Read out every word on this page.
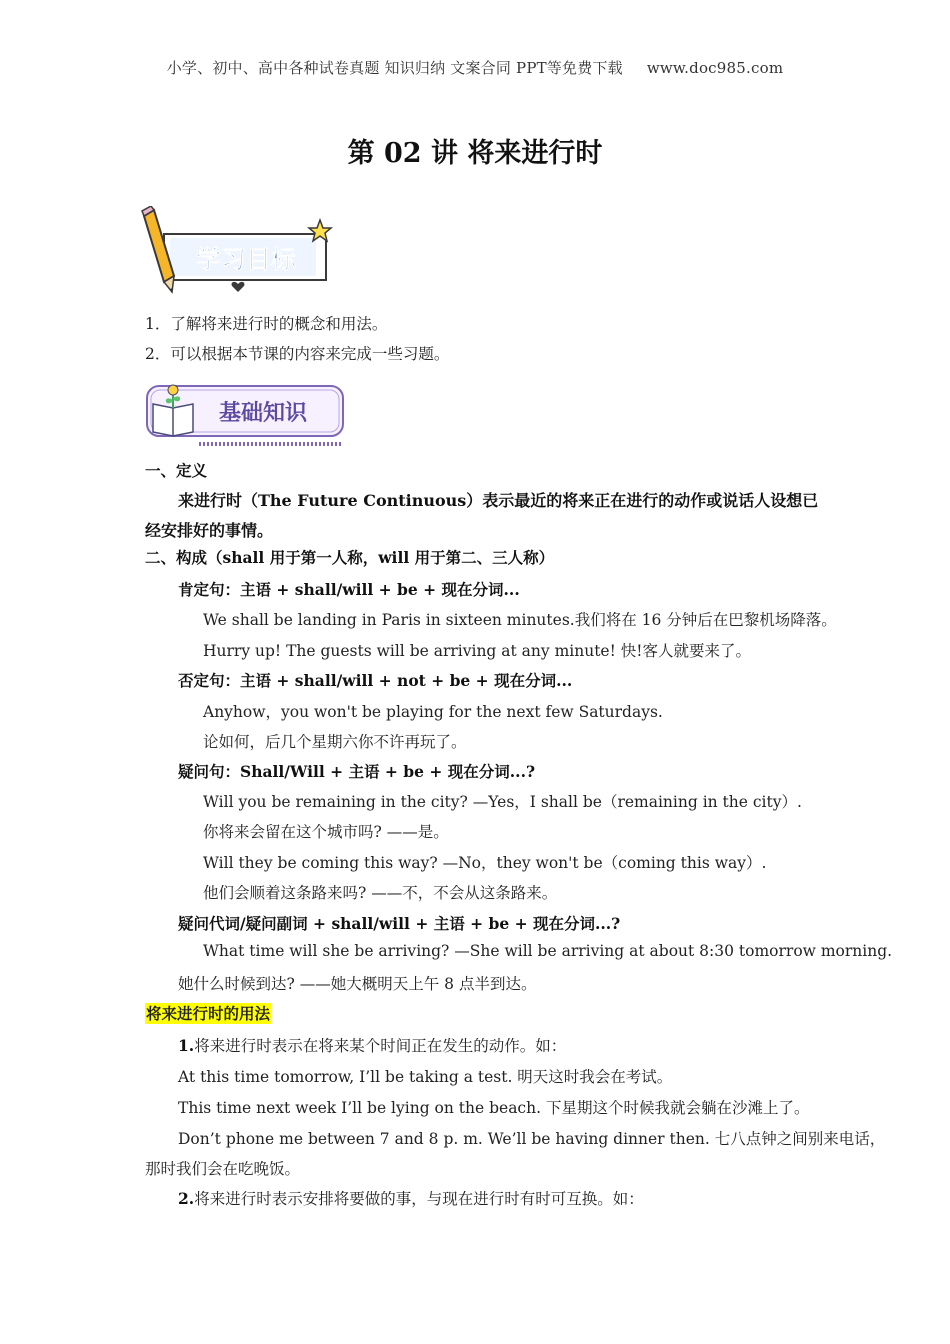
小学、初中、高中各种试卷真题 知识归纳 文案合同 PPT等免费下载 www.doc985.com
第 02 讲 将来进行时
学习目标
1．了解将来进行时的概念和用法。
2．可以根据本节课的内容来完成一些习题。
基础知识
一、定义
来进行时（The Future Continuous）表示最近的将来正在进行的动作或说话人设想已
经安排好的事情。
二、构成（shall 用于第一人称，will 用于第二、三人称）
肯定句：主语 + shall/will + be + 现在分词...
We shall be landing in Paris in sixteen minutes.我们将在 16 分钟后在巴黎机场降落。
Hurry up! The guests will be arriving at any minute! 快!客人就要来了。
否定句：主语 + shall/will + not + be + 现在分词...
Anyhow，you won't be playing for the next few Saturdays.
论如何，后几个星期六你不许再玩了。
疑问句：Shall/Will + 主语 + be + 现在分词...?
Will you be remaining in the city? —Yes，I shall be（remaining in the city）.
你将来会留在这个城市吗? ——是。
Will they be coming this way? —No，they won't be（coming this way）.
他们会顺着这条路来吗? ——不，不会从这条路来。
疑问代词/疑问副词 + shall/will + 主语 + be + 现在分词...?
What time will she be arriving? —She will be arriving at about 8:30 tomorrow morning.
她什么时候到达? ——她大概明天上午 8 点半到达。
将来进行时的用法
1.将来进行时表示在将来某个时间正在发生的动作。如：
At this time tomorrow, I’ll be taking a test. 明天这时我会在考试。
This time next week I’ll be lying on the beach. 下星期这个时候我就会躺在沙滩上了。
Don’t phone me between 7 and 8 p. m. We’ll be having dinner then. 七八点钟之间别来电话，
那时我们会在吃晚饭。
2.将来进行时表示安排将要做的事，与现在进行时有时可互换。如：
